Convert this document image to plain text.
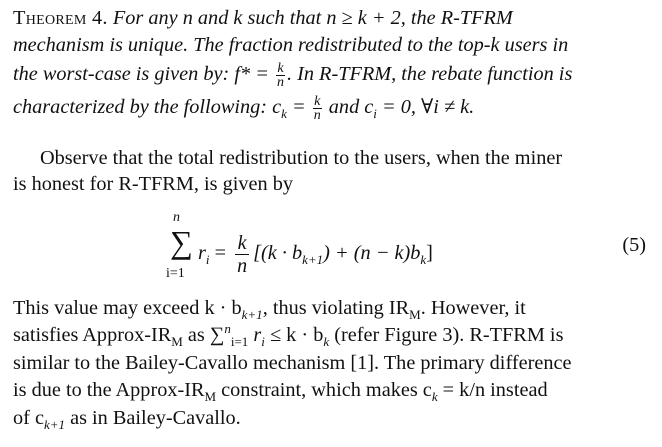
Theorem 4. For any n and k such that n ≥ k + 2, the R-TFRM
mechanism is unique. The fraction redistributed to the top-k users in
the worst-case is given by: $f* = \frac{k}{n}$ . In R-TFRM, the rebate function is
characterized by the following: $c_k = \frac{k}{n}$ and $c_i = 0$, ∀i ≠ k.
Observe that the total redistribution to the users, when the miner
is honest for R-TFRM, is given by
n
∑
i=1
$r_i = \frac{k}{n} [(k \cdot b_{k+1}) + (n - k)b_k]$	(5)
This value may exceed $k \cdot b_{k+1}$, thus violating $IR_M$. However, it
satisfies Approx-$IR_M$ as ∑$^n_{i=1}$ $r_i \le k \cdot b_k$ (refer Figure 3). R-TFRM is
similar to the Bailey-Cavallo mechanism [1]. The primary difference
is due to the Approx-$IR_M$ constraint, which makes $c_k = k/n$ instead
of $c_{k+1}$ as in Bailey-Cavallo.
